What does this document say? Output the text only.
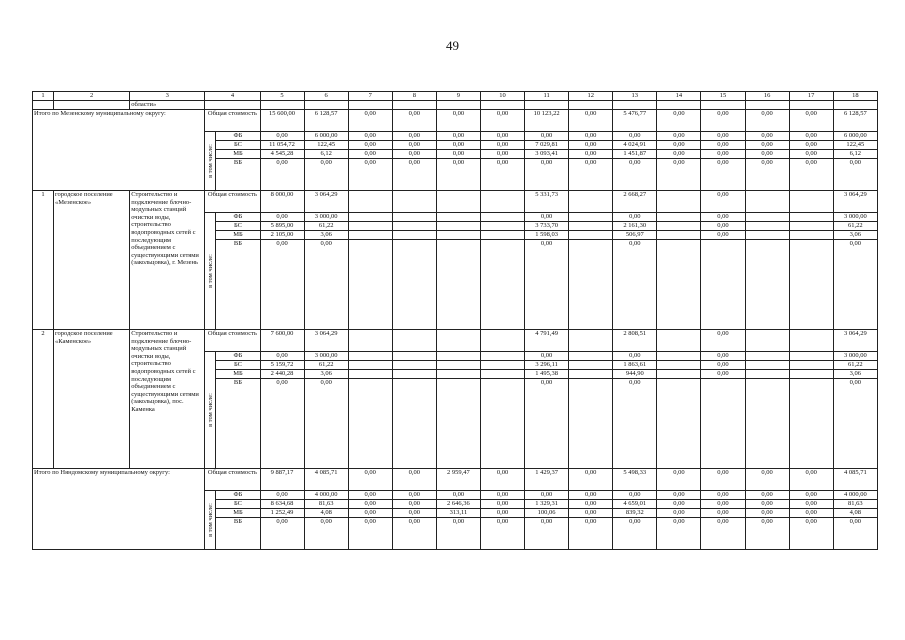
49
1	2	3	4		5	6	7	8	9	10	11	12	13	14	15	16	17	18
		области»																
Итого по Мезенскому муниципальному округу:			Общая стоимость		15 600,00	6 128,57	0,00	0,00	0,00	0,00	10 123,22	0,00	5 476,77	0,00	0,00	0,00	0,00	6 128,57

			в том числе:	ФБ	0,00	6 000,00	0,00	0,00	0,00	0,00	0,00	0,00	0,00	0,00	0,00	0,00	0,00	6 000,00
				БС	11 054,72	122,45	0,00	0,00	0,00	0,00	7 029,81	0,00	4 024,91	0,00	0,00	0,00	0,00	122,45
				МБ	4 545,28	6,12	0,00	0,00	0,00	0,00	3 093,41	0,00	1 451,87	0,00	0,00	0,00	0,00	6,12
				ВБ	0,00	0,00	0,00	0,00	0,00	0,00	0,00	0,00	0,00	0,00	0,00	0,00	0,00	0,00
1	городское поселение «Мезенское»	Строительство и подключение блочно-модульных станций очистки воды, строительство водопроводных сетей с последующим объединением с существующими сетями (закольцовка), г. Мезень	Общая стоимость		8 000,00	3 064,29					5 331,73		2 668,27		0,00			3 064,29

			в том числе:	ФБ	0,00	3 000,00					0,00		0,00		0,00			3 000,00
				БС	5 895,00	61,22					3 733,70		2 161,30		0,00			61,22
				МБ	2 105,00	3,06					1 598,03		506,97		0,00			3,06
				ВБ	0,00	0,00					0,00		0,00					0,00
2	городское поселение «Каменское»	Строительство и подключение блочно-модульных станций очистки воды, строительство водопроводных сетей с последующим объединением с существующими сетями (закольцовка), пос. Каменка	Общая стоимость		7 600,00	3 064,29					4 791,49		2 808,51		0,00			3 064,29

			в том числе:	ФБ	0,00	3 000,00					0,00		0,00		0,00			3 000,00
				БС	5 159,72	61,22					3 296,11		1 863,61		0,00			61,22
				МБ	2 440,28	3,06					1 495,38		944,90		0,00			3,06
				ВБ	0,00	0,00					0,00		0,00					0,00
Итого по Няндомскому муниципальному округу:			Общая стоимость		9 887,17	4 085,71	0,00	0,00	2 959,47	0,00	1 429,37	0,00	5 498,33	0,00	0,00	0,00	0,00	4 085,71

			в том числе:	ФБ	0,00	4 000,00	0,00	0,00	0,00	0,00	0,00	0,00	0,00	0,00	0,00	0,00	0,00	4 000,00
				БС	8 634,68	81,63	0,00	0,00	2 646,36	0,00	1 329,31	0,00	4 659,01	0,00	0,00	0,00	0,00	81,63
				МБ	1 252,49	4,08	0,00	0,00	313,11	0,00	100,06	0,00	839,32	0,00	0,00	0,00	0,00	4,08
				ВБ	0,00	0,00	0,00	0,00	0,00	0,00	0,00	0,00	0,00	0,00	0,00	0,00	0,00	0,00
